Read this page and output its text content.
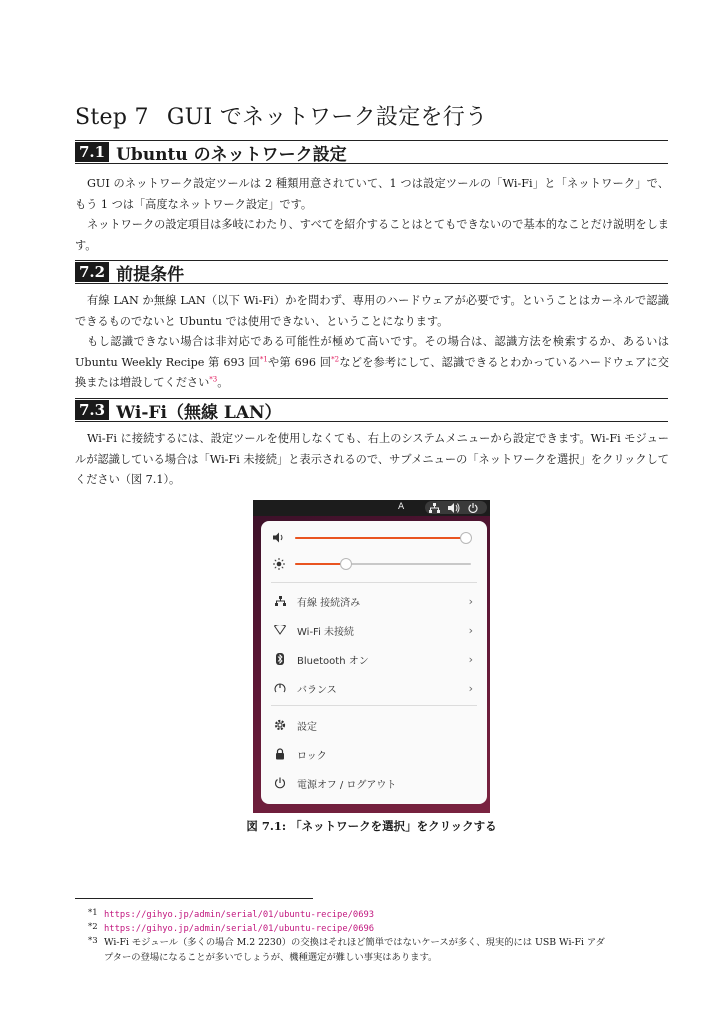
Step 7 GUI でネットワーク設定を行う
7.1 Ubuntu のネットワーク設定

GUI のネットワーク設定ツールは 2 種類用意されていて、1 つは設定ツールの「Wi-Fi」と「ネットワーク」で、もう 1 つは「高度なネットワーク設定」です。

ネットワークの設定項目は多岐にわたり、すべてを紹介することはとてもできないので基本的なことだけ説明をします。

7.2 前提条件

有線 LAN か無線 LAN（以下 Wi-Fi）かを問わず、専用のハードウェアが必要です。ということはカーネルで認識できるものでないと Ubuntu では使用できない、ということになります。

もし認識できない場合は非対応である可能性が極めて高いです。その場合は、認識方法を検索するか、あるいは Ubuntu Weekly Recipe 第 693 回$^{*1}$や第 696 回$^{*2}$などを参考にして、認識できるとわかっているハードウェアに交換または増設してください$^{*3}$。

7.3 Wi-Fi（無線 LAN）

Wi-Fi に接続するには、設定ツールを使用しなくても、右上のシステムメニューから設定できます。Wi-Fi モジュールが認識している場合は「Wi-Fi 未接続」と表示されるので、サブメニューの「ネットワークを選択」をクリックしてください（図 7.1）。

A
有線 接続済み	›
Wi-Fi 未接続	›
Bluetooth オン	›
バランス	›
設定
ロック
電源オフ / ログアウト
図 7.1: 「ネットワークを選択」をクリックする
*1 https://gihyo.jp/admin/serial/01/ubuntu-recipe/0693
*2 https://gihyo.jp/admin/serial/01/ubuntu-recipe/0696
*3 Wi-Fi モジュール（多くの場合 M.2 2230）の交換はそれほど簡単ではないケースが多く、現実的には USB Wi-Fi アダ
プターの登場になることが多いでしょうが、機種選定が難しい事実はあります。
